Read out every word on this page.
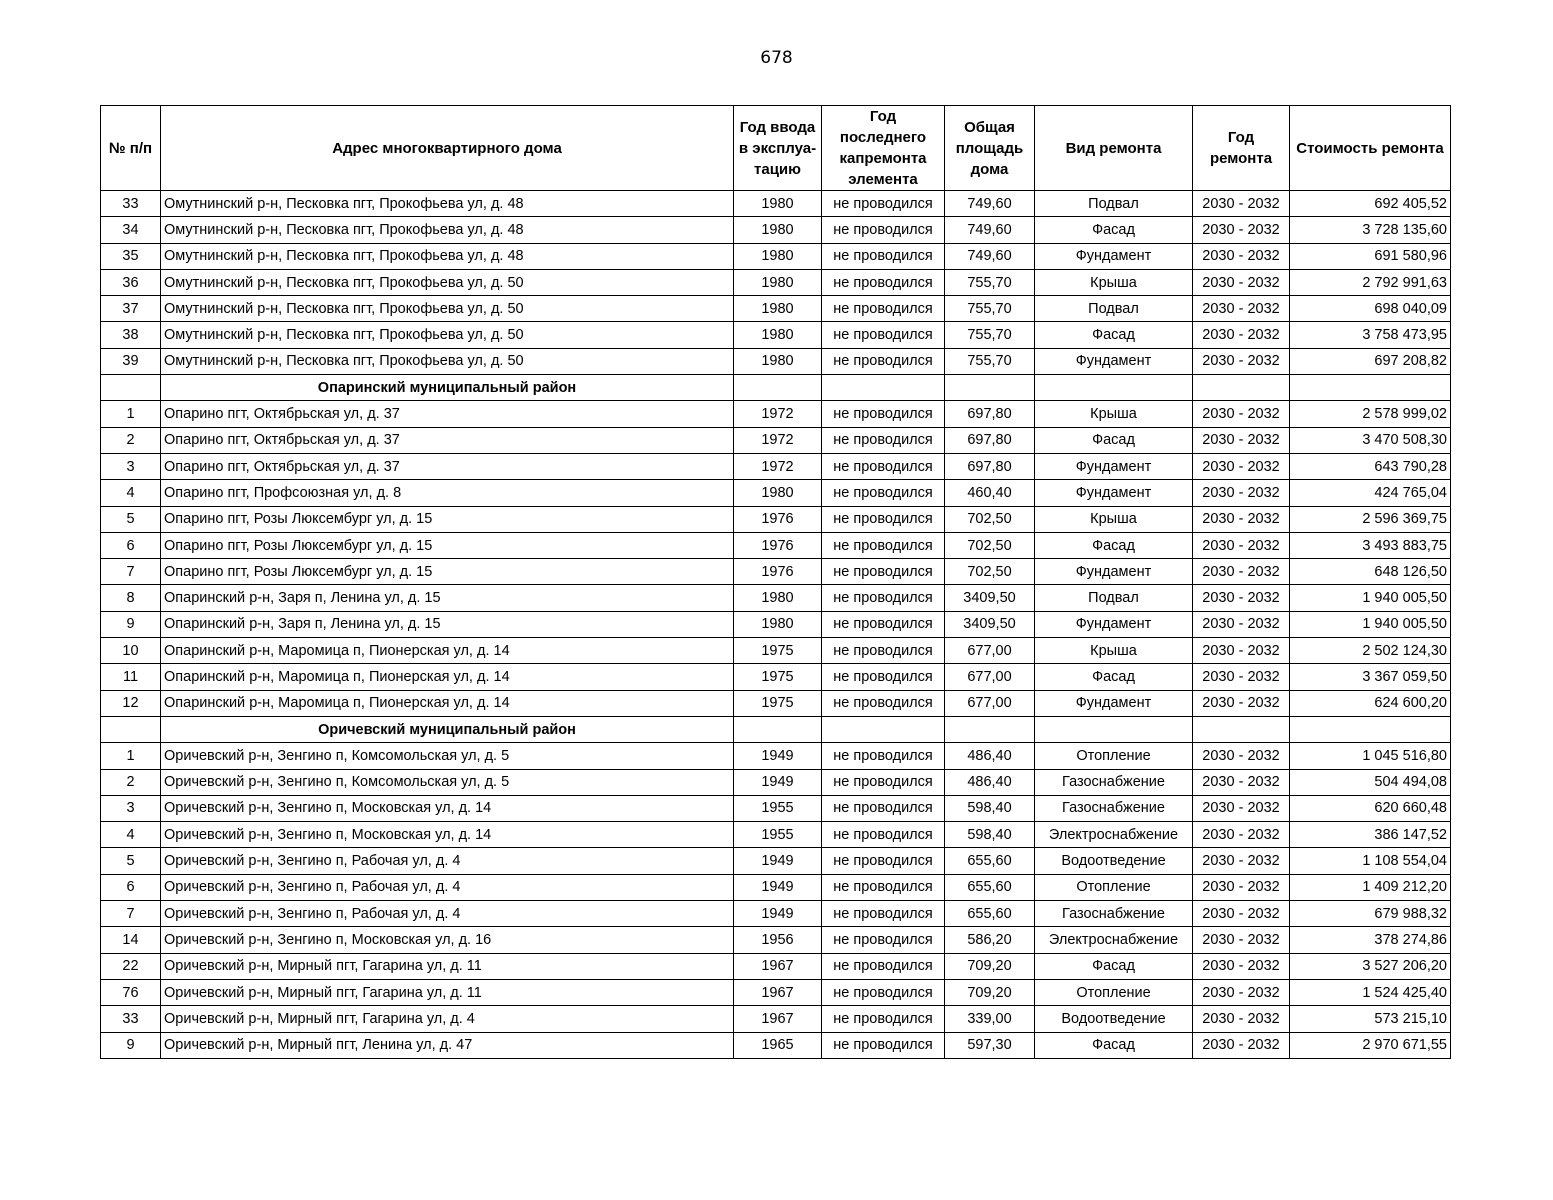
678
№ п/п	Адрес многоквартирного дома	Год ввода в эксплуа-тацию	Год последнего капремонта элемента	Общая площадь дома	Вид ремонта	Год ремонта	Стоимость ремонта
33	Омутнинский р-н, Песковка пгт, Прокофьева ул, д. 48	1980	не проводился	749,60	Подвал	2030 - 2032	692 405,52
34	Омутнинский р-н, Песковка пгт, Прокофьева ул, д. 48	1980	не проводился	749,60	Фасад	2030 - 2032	3 728 135,60
35	Омутнинский р-н, Песковка пгт, Прокофьева ул, д. 48	1980	не проводился	749,60	Фундамент	2030 - 2032	691 580,96
36	Омутнинский р-н, Песковка пгт, Прокофьева ул, д. 50	1980	не проводился	755,70	Крыша	2030 - 2032	2 792 991,63
37	Омутнинский р-н, Песковка пгт, Прокофьева ул, д. 50	1980	не проводился	755,70	Подвал	2030 - 2032	698 040,09
38	Омутнинский р-н, Песковка пгт, Прокофьева ул, д. 50	1980	не проводился	755,70	Фасад	2030 - 2032	3 758 473,95
39	Омутнинский р-н, Песковка пгт, Прокофьева ул, д. 50	1980	не проводился	755,70	Фундамент	2030 - 2032	697 208,82
	Опаринский муниципальный район						
1	Опарино пгт, Октябрьская ул, д. 37	1972	не проводился	697,80	Крыша	2030 - 2032	2 578 999,02
2	Опарино пгт, Октябрьская ул, д. 37	1972	не проводился	697,80	Фасад	2030 - 2032	3 470 508,30
3	Опарино пгт, Октябрьская ул, д. 37	1972	не проводился	697,80	Фундамент	2030 - 2032	643 790,28
4	Опарино пгт, Профсоюзная ул, д. 8	1980	не проводился	460,40	Фундамент	2030 - 2032	424 765,04
5	Опарино пгт, Розы Люксембург ул, д. 15	1976	не проводился	702,50	Крыша	2030 - 2032	2 596 369,75
6	Опарино пгт, Розы Люксембург ул, д. 15	1976	не проводился	702,50	Фасад	2030 - 2032	3 493 883,75
7	Опарино пгт, Розы Люксембург ул, д. 15	1976	не проводился	702,50	Фундамент	2030 - 2032	648 126,50
8	Опаринский р-н, Заря п, Ленина ул, д. 15	1980	не проводился	3409,50	Подвал	2030 - 2032	1 940 005,50
9	Опаринский р-н, Заря п, Ленина ул, д. 15	1980	не проводился	3409,50	Фундамент	2030 - 2032	1 940 005,50
10	Опаринский р-н, Маромица п, Пионерская ул, д. 14	1975	не проводился	677,00	Крыша	2030 - 2032	2 502 124,30
11	Опаринский р-н, Маромица п, Пионерская ул, д. 14	1975	не проводился	677,00	Фасад	2030 - 2032	3 367 059,50
12	Опаринский р-н, Маромица п, Пионерская ул, д. 14	1975	не проводился	677,00	Фундамент	2030 - 2032	624 600,20
	Оричевский муниципальный район						
1	Оричевский р-н, Зенгино п, Комсомольская ул, д. 5	1949	не проводился	486,40	Отопление	2030 - 2032	1 045 516,80
2	Оричевский р-н, Зенгино п, Комсомольская ул, д. 5	1949	не проводился	486,40	Газоснабжение	2030 - 2032	504 494,08
3	Оричевский р-н, Зенгино п, Московская ул, д. 14	1955	не проводился	598,40	Газоснабжение	2030 - 2032	620 660,48
4	Оричевский р-н, Зенгино п, Московская ул, д. 14	1955	не проводился	598,40	Электроснабжение	2030 - 2032	386 147,52
5	Оричевский р-н, Зенгино п, Рабочая ул, д. 4	1949	не проводился	655,60	Водоотведение	2030 - 2032	1 108 554,04
6	Оричевский р-н, Зенгино п, Рабочая ул, д. 4	1949	не проводился	655,60	Отопление	2030 - 2032	1 409 212,20
7	Оричевский р-н, Зенгино п, Рабочая ул, д. 4	1949	не проводился	655,60	Газоснабжение	2030 - 2032	679 988,32
14	Оричевский р-н, Зенгино п, Московская ул, д. 16	1956	не проводился	586,20	Электроснабжение	2030 - 2032	378 274,86
22	Оричевский р-н, Мирный пгт, Гагарина ул, д. 11	1967	не проводился	709,20	Фасад	2030 - 2032	3 527 206,20
76	Оричевский р-н, Мирный пгт, Гагарина ул, д. 11	1967	не проводился	709,20	Отопление	2030 - 2032	1 524 425,40
33	Оричевский р-н, Мирный пгт, Гагарина ул, д. 4	1967	не проводился	339,00	Водоотведение	2030 - 2032	573 215,10
9	Оричевский р-н, Мирный пгт, Ленина ул, д. 47	1965	не проводился	597,30	Фасад	2030 - 2032	2 970 671,55
